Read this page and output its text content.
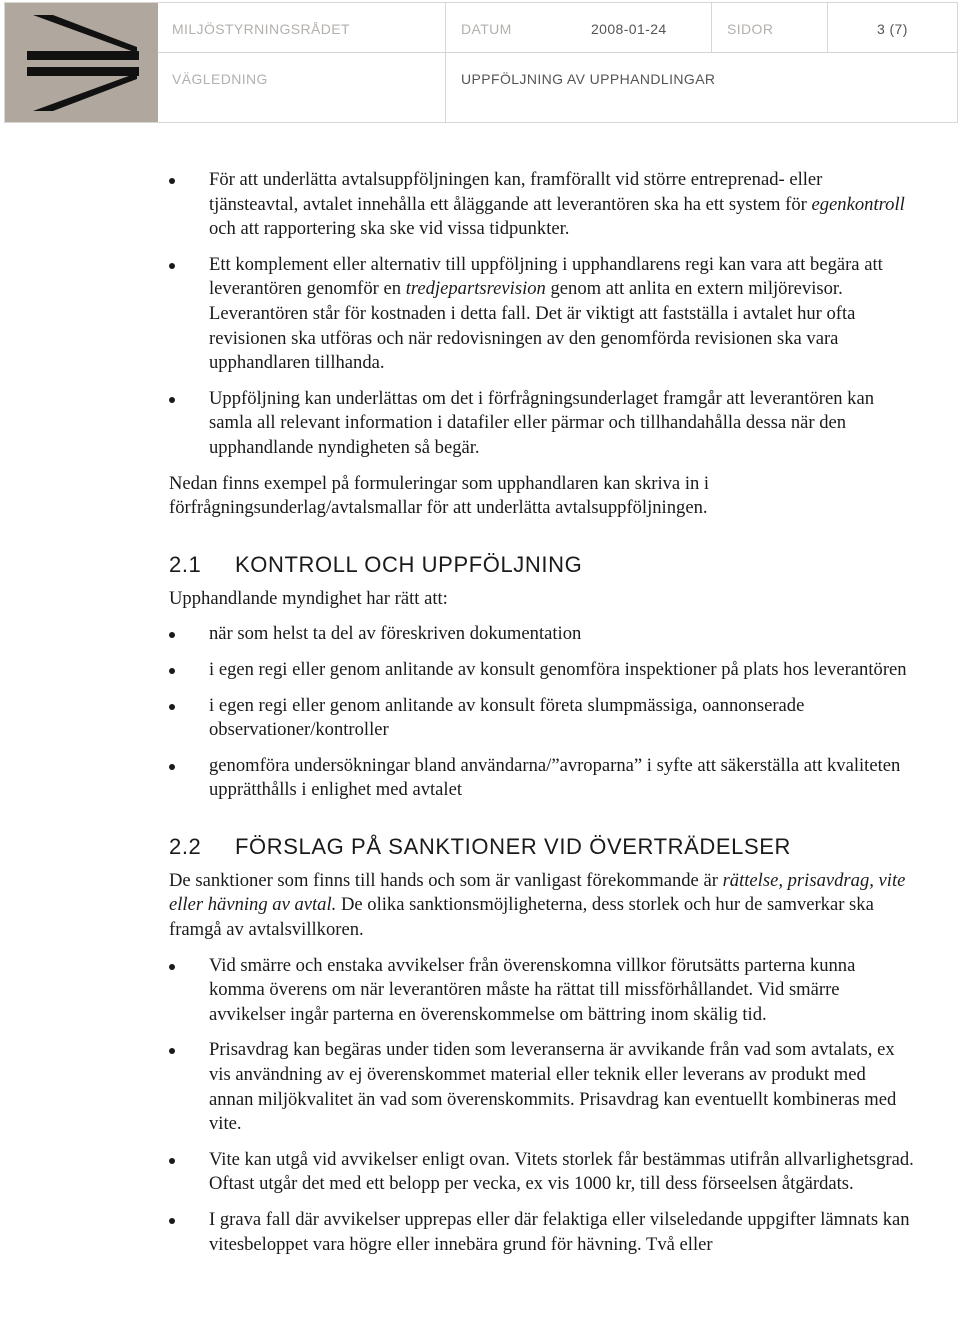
MILJÖSTYRNINGSRÅDET	DATUM	2008-01-24	SIDOR	3 (7)
VÄGLEDNING	UPPFÖLJNING AV UPPHANDLINGAR
För att underlätta avtalsuppföljningen kan, framförallt vid större entreprenad- eller tjänsteavtal, avtalet innehålla ett åläggande att leverantören ska ha ett system för egenkontroll och att rapportering ska ske vid vissa tidpunkter.
Ett komplement eller alternativ till uppföljning i upphandlarens regi kan vara att begära att leverantören genomför en tredjepartsrevision genom att anlita en extern miljörevisor. Leverantören står för kostnaden i detta fall. Det är viktigt att fastställa i avtalet hur ofta revisionen ska utföras och när redovisningen av den genomförda revisionen ska vara upphandlaren tillhanda.
Uppföljning kan underlättas om det i förfrågningsunderlaget framgår att leverantören kan samla all relevant information i datafiler eller pärmar och tillhandahålla dessa när den upphandlande nyndigheten så begär.

Nedan finns exempel på formuleringar som upphandlaren kan skriva in i förfrågningsunderlag/avtalsmallar för att underlätta avtalsuppföljningen.

2.1 KONTROLL OCH UPPFÖLJNING

Upphandlande myndighet har rätt att:

när som helst ta del av föreskriven dokumentation
i egen regi eller genom anlitande av konsult genomföra inspektioner på plats hos leverantören
i egen regi eller genom anlitande av konsult företa slumpmässiga, oannonserade observationer/kontroller
genomföra undersökningar bland användarna/”avroparna” i syfte att säkerställa att kvaliteten upprätthålls i enlighet med avtalet
2.2 FÖRSLAG PÅ SANKTIONER VID ÖVERTRÄDELSER

De sanktioner som finns till hands och som är vanligast förekommande är rättelse, prisavdrag, vite eller hävning av avtal. De olika sanktionsmöjligheterna, dess storlek och hur de samverkar ska framgå av avtalsvillkoren.

Vid smärre och enstaka avvikelser från överenskomna villkor förutsätts parterna kunna komma överens om när leverantören måste ha rättat till missförhållandet. Vid smärre avvikelser ingår parterna en överenskommelse om bättring inom skälig tid.
Prisavdrag kan begäras under tiden som leveranserna är avvikande från vad som avtalats, ex vis användning av ej överenskommet material eller teknik eller leverans av produkt med annan miljökvalitet än vad som överenskommits. Prisavdrag kan eventuellt kombineras med vite.
Vite kan utgå vid avvikelser enligt ovan. Vitets storlek får bestämmas utifrån allvarlighetsgrad. Oftast utgår det med ett belopp per vecka, ex vis 1000 kr, till dess förseelsen åtgärdats.
I grava fall där avvikelser upprepas eller där felaktiga eller vilseledande uppgifter lämnats kan vitesbeloppet vara högre eller innebära grund för hävning. Två eller
